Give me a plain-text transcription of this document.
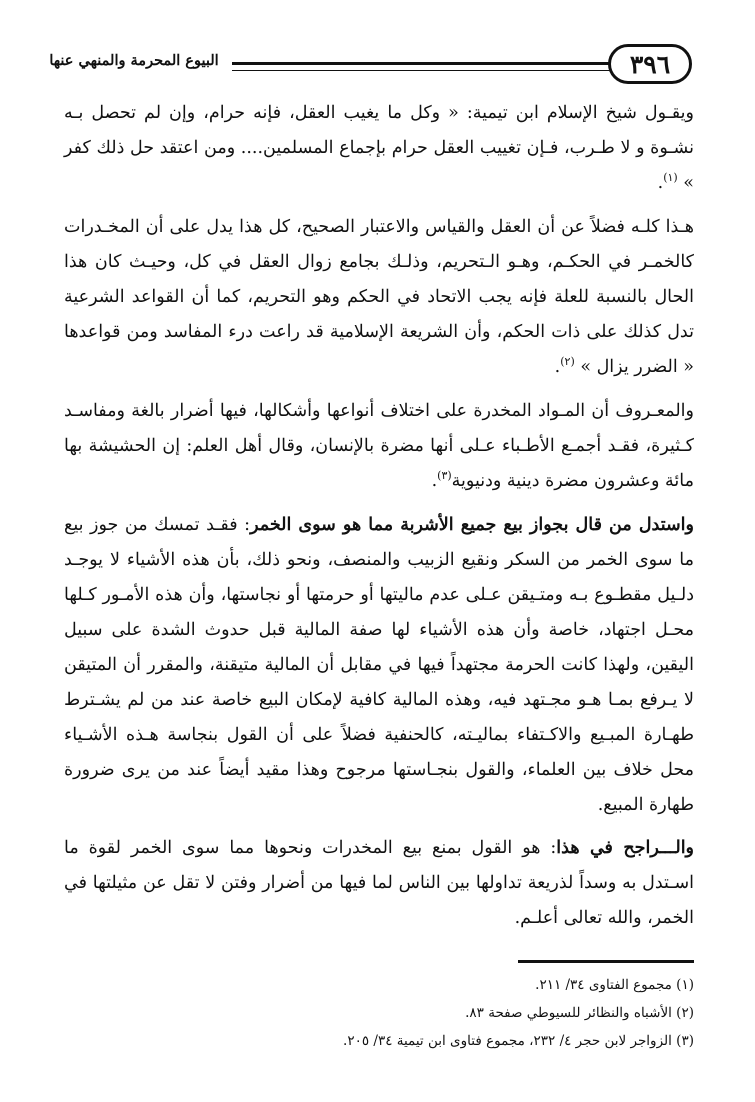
٣٩٦
البيوع المحرمة والمنهي عنها

ويقـول شيخ الإسلام ابن تيمية: « وكل ما يغيب العقل، فإنه حرام، وإن لم تحصل بـه نشـوة و لا طـرب، فـإن تغييب العقل حرام بإجماع المسلمين.... ومن اعتقد حل ذلك كفر » $^{(١)}$.

هـذا كلـه فضلاً عن أن العقل والقياس والاعتبار الصحيح، كل هذا يدل على أن المخـدرات كالخمـر في الحكـم، وهـو الـتحريم، وذلـك بجامع زوال العقل في كل، وحيـث كان هذا الحال بالنسبة للعلة فإنه يجب الاتحاد في الحكم وهو التحريم، كما أن القواعد الشرعية تدل كذلك على ذات الحكم، وأن الشريعة الإسلامية قد راعت درء المفاسد ومن قواعدها « الضرر يزال » $^{(٢)}$.

والمعـروف أن المـواد المخدرة على اختلاف أنواعها وأشكالها، فيها أضرار بالغة ومفاسـد كـثيرة، فقـد أجمـع الأطـباء عـلى أنها مضرة بالإنسان، وقال أهل العلم: إن الحشيشة بها مائة وعشرون مضرة دينية ودنيوية$^{(٣)}$.

واستدل من قال بجواز بيع جميع الأشربة مما هو سوى الخمر: فقـد تمسك من جوز بيع ما سوى الخمر من السكر ونقيع الزبيب والمنصف، ونحو ذلك، بأن هذه الأشياء لا يوجـد دلـيل مقطـوع بـه ومتـيقن عـلى عدم ماليتها أو حرمتها أو نجاستها، وأن هذه الأمـور كـلها محـل اجتهاد، خاصة وأن هذه الأشياء لها صفة المالية قبل حدوث الشدة على سبيل اليقين، ولهذا كانت الحرمة مجتهداً فيها في مقابل أن المالية متيقنة، والمقرر أن المتيقن لا يـرفع بمـا هـو مجـتهد فيه، وهذه المالية كافية لإمكان البيع خاصة عند من لم يشـترط طهـارة المبـيع والاكـتفاء بماليـته، كالحنفية فضلاً على أن القول بنجاسة هـذه الأشـياء محل خلاف بين العلماء، والقول بنجـاستها مرجوح وهذا مقيد أيضاً عند من يرى ضرورة طهارة المبيع.

والـــراجح في هذا: هو القول بمنع بيع المخدرات ونحوها مما سوى الخمر لقوة ما اسـتدل به وسداً لذريعة تداولها بين الناس لما فيها من أضرار وفتن لا تقل عن مثيلتها في الخمر، والله تعالى أعلـم.

(١) مجموع الفتاوى ٣٤/ ٢١١.
(٢) الأشباه والنظائر للسيوطي صفحة ٨٣.
(٣) الزواجر لابن حجر ٤/ ٢٣٢، مجموع فتاوى ابن تيمية ٣٤/ ٢٠٥.
